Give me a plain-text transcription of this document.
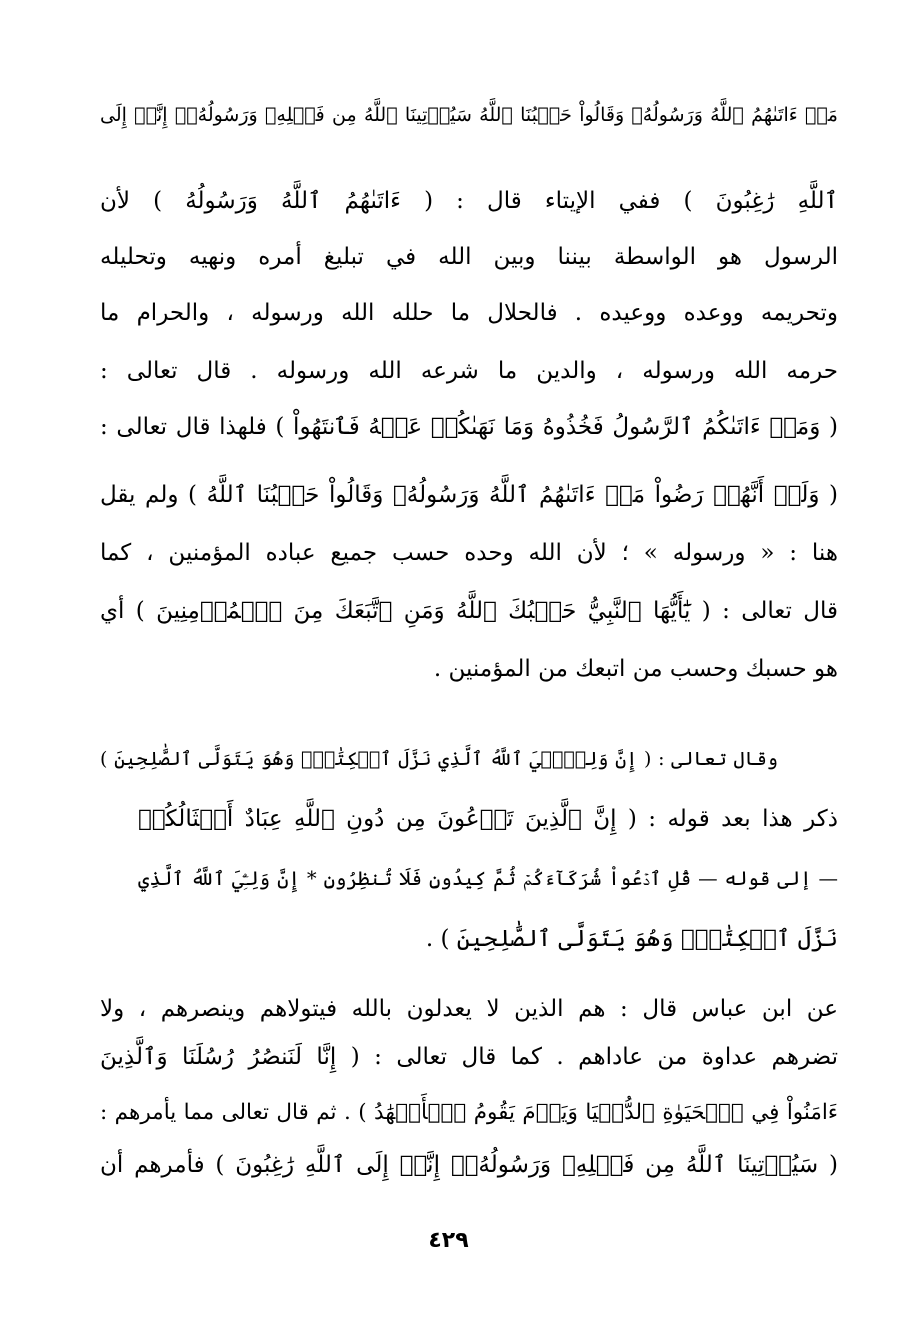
مَاۤ ءَاتَىٰهُمُ ٱللَّهُ وَرَسُولُهُۥ وَقَالُواْ حَسۡبُنَا ٱللَّهُ سَيُؤۡتِينَا ٱللَّهُ مِن فَضۡلِهِۦ وَرَسُولُهُۥۤ إِنَّاۤ إِلَى
ٱللَّهِ رَٰغِبُونَ ) ففي الإيتاء قال : ( ءَاتَىٰهُمُ ٱللَّهُ وَرَسُولُهُ ) لأن
الرسول هو الواسطة بيننا وبين الله في تبليغ أمره ونهيه وتحليله
وتحريمه ووعده ووعيده . فالحلال ما حلله الله ورسوله ، والحرام ما
حرمه الله ورسوله ، والدين ما شرعه الله ورسوله . قال تعالى :
( وَمَاۤ ءَاتَىٰكُمُ ٱلرَّسُولُ فَخُذُوهُ وَمَا نَهَىٰكُمۡ عَنۡهُ فَٱنتَهُواْ ) فلهذا قال تعالى :
( وَلَوۡ أَنَّهُمۡ رَضُواْ مَاۤ ءَاتَىٰهُمُ ٱللَّهُ وَرَسُولُهُۥ وَقَالُواْ حَسۡبُنَا ٱللَّهُ ) ولم يقل
هنا : « ورسوله » ؛ لأن الله وحده حسب جميع عباده المؤمنين ، كما
قال تعالى : ( يَٰٓأَيُّهَا ٱلنَّبِيُّ حَسۡبُكَ ٱللَّهُ وَمَنِ ٱتَّبَعَكَ مِنَ ٱلۡمُؤۡمِنِينَ ) أي
هو حسبك وحسب من اتبعك من المؤمنين .
وقال تعالى : ( إِنَّ وَلِـِّۧيَ ٱللَّهُ ٱلَّذِي نَزَّلَ ٱلۡكِتَٰبَۖ وَهُوَ يَتَوَلَّى ٱلصَّٰلِحِينَ )
ذكر هذا بعد قوله : ( إِنَّ ٱلَّذِينَ تَدۡعُونَ مِن دُونِ ٱللَّهِ عِبَادٌ أَمۡثَالُكُمۡ
— إلى قوله — قُلِ ٱدۡعُواْ شُرَكَآءَكُمۡ ثُمَّ كِيدُونِ فَلَا تُنظِرُونِ * إِنَّ وَلِـِّۧيَ ٱللَّهُ ٱلَّذِي
نَزَّلَ ٱلۡكِتَٰبَۖ وَهُوَ يَتَوَلَّى ٱلصَّٰلِحِينَ ) .
عن ابن عباس قال : هم الذين لا يعدلون بالله فيتولاهم وينصرهم ، ولا
تضرهم عداوة من عاداهم . كما قال تعالى : ( إِنَّا لَنَنصُرُ رُسُلَنَا وَٱلَّذِينَ
ءَامَنُواْ فِي ٱلۡحَيَوٰةِ ٱلدُّنۡيَا وَيَوۡمَ يَقُومُ ٱلۡأَشۡهَٰدُ ) . ثم قال تعالى مما يأمرهم :
( سَيُؤۡتِينَا ٱللَّهُ مِن فَضۡلِهِۦ وَرَسُولُهُۥۤ إِنَّاۤ إِلَى ٱللَّهِ رَٰغِبُونَ ) فأمرهم أن
٤٢٩
